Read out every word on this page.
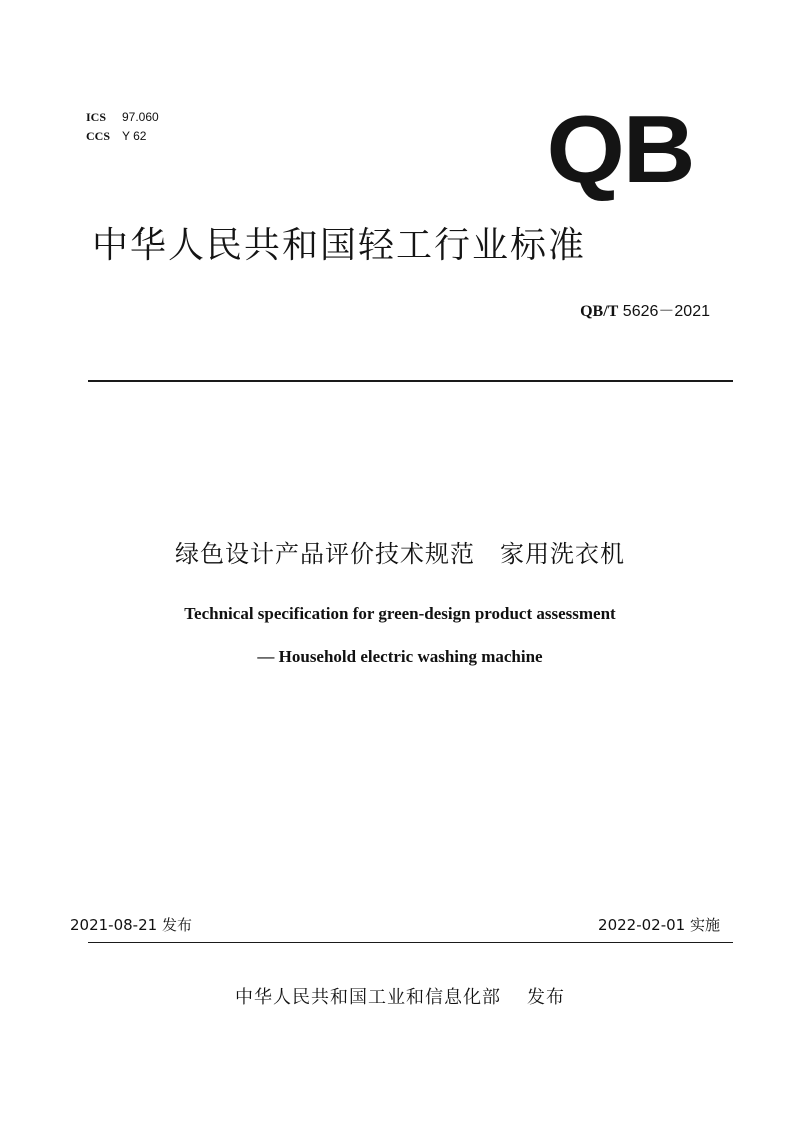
ICS 97.060
CCS Y 62	QB
中华人民共和国轻工行业标准
QB/T 5626－2021
绿色设计产品评价技术规范　家用洗衣机
Technical specification for green-design product assessment
— Household electric washing machine
2021-08-21 发布	2022-02-01 实施
中华人民共和国工业和信息化部 发布
